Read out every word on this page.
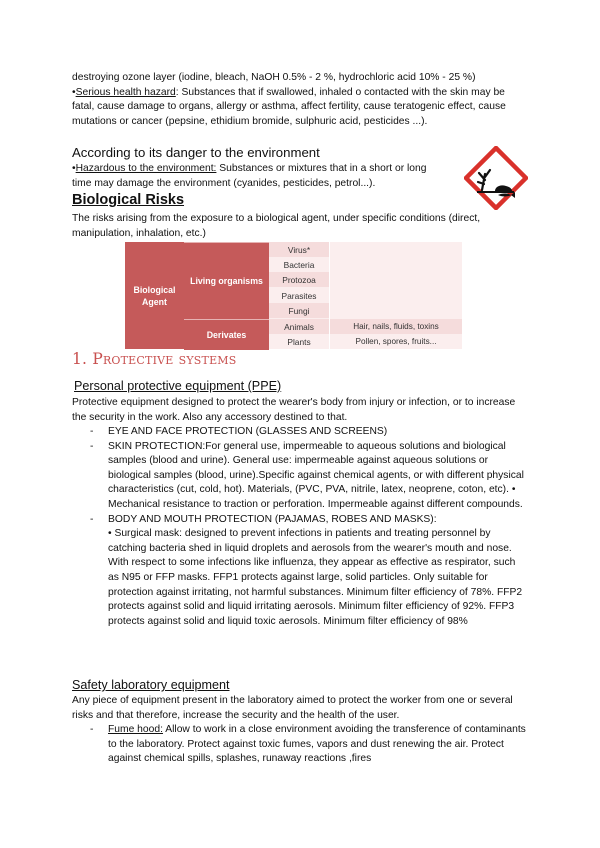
destroying ozone layer (iodine, bleach, NaOH 0.5% - 2 %, hydrochloric acid 10% - 25 %)
•Serious health hazard: Substances that if swallowed, inhaled o contacted with the skin may be fatal, cause damage to organs, allergy or asthma, affect fertility, cause teratogenic effect, cause mutations or cancer (pepsine, ethidium bromide, sulphuric acid, pesticides ...).

According to its danger to the environment

•Hazardous to the environment: Substances or mixtures that in a short or long time may damage the environment (cyanides, pesticides, petrol...).

Biological Risks

The risks arising from the exposure to a biological agent, under specific conditions (direct, manipulation, inhalation, etc.)

Biological Agent
Living organisms
Derivates
Virus*
Bacteria
Protozoa
Parasites
Fungi
Animals	Hair, nails, fluids, toxins
Plants	Pollen, spores, fruits...
1. Protective systems
Personal protective equipment (PPE)

Protective equipment designed to protect the wearer's body from injury or infection, or to increase the security in the work. Also any accessory destined to that.

- EYE AND FACE PROTECTION (GLASSES AND SCREENS)
- SKIN PROTECTION:For general use, impermeable to aqueous solutions and biological samples (blood and urine). General use: impermeable against aqueous solutions or biological samples (blood, urine).Specific against chemical agents, or with different physical characteristics (cut, cold, hot). Materials, (PVC, PVA, nitrile, latex, neoprene, coton, etc). • Mechanical resistance to traction or perforation. Impermeable against different compounds.
- BODY AND MOUTH PROTECTION (PAJAMAS, ROBES AND MASKS):
• Surgical mask: designed to prevent infections in patients and treating personnel by catching bacteria shed in liquid droplets and aerosols from the wearer's mouth and nose. With respect to some infections like influenza, they appear as effective as respirator, such as N95 or FFP masks. FFP1 protects against large, solid particles. Only suitable for protection against irritating, not harmful substances. Minimum filter efficiency of 78%. FFP2 protects against solid and liquid irritating aerosols. Minimum filter efficiency of 92%. FFP3 protects against solid and liquid toxic aerosols. Minimum filter efficiency of 98%
Safety laboratory equipment

Any piece of equipment present in the laboratory aimed to protect the worker from one or several risks and that therefore, increase the security and the health of the user.

- Fume hood: Allow to work in a close environment avoiding the transference of contaminants to the laboratory. Protect against toxic fumes, vapors and dust renewing the air. Protect against chemical spills, splashes, runaway reactions ,fires
